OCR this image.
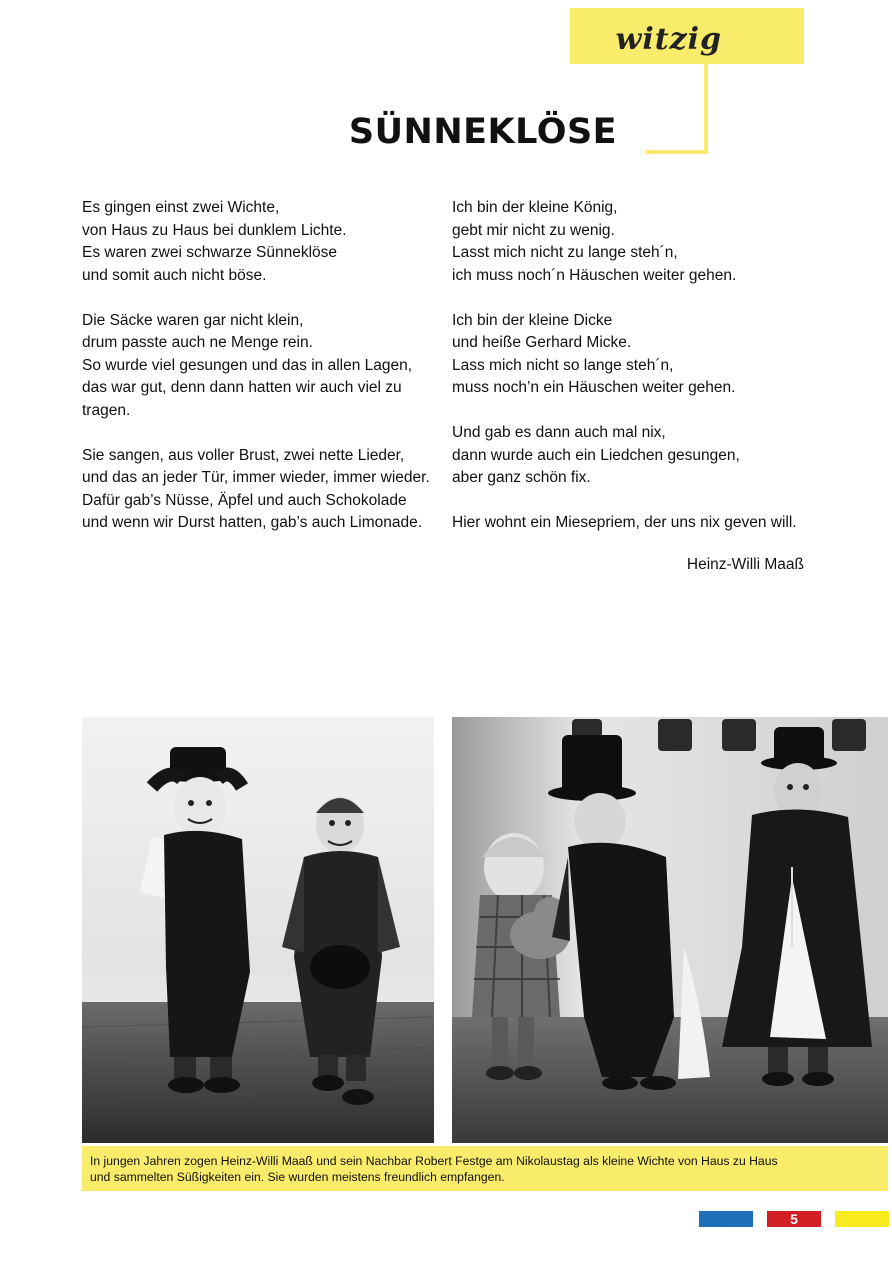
witzig
SÜNNEKLÖSE
Es gingen einst zwei Wichte,
von Haus zu Haus bei dunklem Lichte.
Es waren zwei schwarze Sünneklöse
und somit auch nicht böse.
Die Säcke waren gar nicht klein,
drum passte auch ne Menge rein.
So wurde viel gesungen und das in allen Lagen,
das war gut, denn dann hatten wir auch viel zu
tragen.
Sie sangen, aus voller Brust, zwei nette Lieder,
und das an jeder Tür, immer wieder, immer wieder.
Dafür gab’s Nüsse, Äpfel und auch Schokolade
und wenn wir Durst hatten, gab’s auch Limonade.
Ich bin der kleine König,
gebt mir nicht zu wenig.
Lasst mich nicht zu lange steh´n,
ich muss noch´n Häuschen weiter gehen.
Ich bin der kleine Dicke
und heiße Gerhard Micke.
Lass mich nicht so lange steh´n,
muss noch’n ein Häuschen weiter gehen.
Und gab es dann auch mal nix,
dann wurde auch ein Liedchen gesungen,
aber ganz schön fix.
Hier wohnt ein Miesepriem, der uns nix geven will.
Heinz-Willi Maaß
In jungen Jahren zogen Heinz-Willi Maaß und sein Nachbar Robert Festge am Nikolaustag als kleine Wichte von Haus zu Haus
und sammelten Süßigkeiten ein. Sie wurden meistens freundlich empfangen.
5
